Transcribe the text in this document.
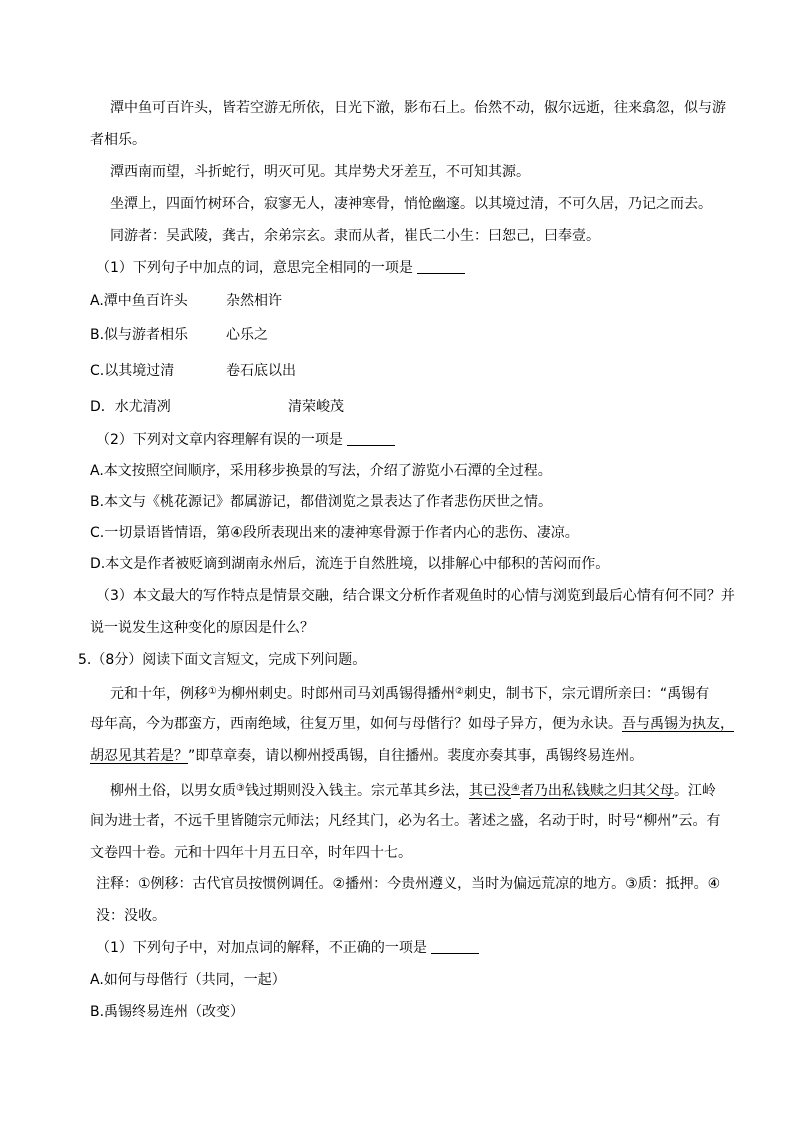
潭中鱼可百许头，皆若空游无所依，日光下澈，影布石上。佁然不动，俶尔远逝，往来翕忽，似与游
者相乐。
潭西南而望，斗折蛇行，明灭可见。其岸势犬牙差互，不可知其源。
坐潭上，四面竹树环合，寂寥无人，凄神寒骨，悄怆幽邃。以其境过清，不可久居，乃记之而去。
同游者：吴武陵，龚古，余弟宗玄。隶而从者，崔氏二小生：曰恕己，曰奉壹。
（1）下列句子中加点的词，意思完全相同的一项是
A.潭中鱼百许头	杂然相许
B.似与游者相乐	心乐之
C.以其境过清	卷石底以出
D．水尤清冽	清荣峻茂
（2）下列对文章内容理解有误的一项是
A.本文按照空间顺序，采用移步换景的写法，介绍了游览小石潭的全过程。
B.本文与《桃花源记》都属游记，都借浏览之景表达了作者悲伤厌世之情。
C.一切景语皆情语，第④段所表现出来的凄神寒骨源于作者内心的悲伤、凄凉。
D.本文是作者被贬谪到湖南永州后，流连于自然胜境，以排解心中郁积的苦闷而作。
（3）本文最大的写作特点是情景交融，结合课文分析作者观鱼时的心情与浏览到最后心情有何不同？并
说一说发生这种变化的原因是什么？
5.（8分）阅读下面文言短文，完成下列问题。
元和十年，例移①为柳州刺史。时郎州司马刘禹锡得播州②刺史，制书下，宗元谓所亲曰：“禹锡有
母年高，今为郡蛮方，西南绝域，往复万里，如何与母偕行？如母子异方，便为永诀。吾与禹锡为执友，
胡忍见其若是？”即草章奏，请以柳州授禹锡，自往播州。裴度亦奏其事，禹锡终易连州。
柳州土俗，以男女质③钱过期则没入钱主。宗元革其乡法，其已没④者乃出私钱赎之归其父母。江岭
间为进士者，不远千里皆随宗元师法；凡经其门，必为名士。著述之盛，名动于时，时号“柳州”云。有
文卷四十卷。元和十四年十月五日卒，时年四十七。
注释：①例移：古代官员按惯例调任。②播州：今贵州遵义，当时为偏远荒凉的地方。③质：抵押。④
没：没收。
（1）下列句子中，对加点词的解释，不正确的一项是
A.如何与母偕行（共同，一起）
B.禹锡终易连州（改变）
